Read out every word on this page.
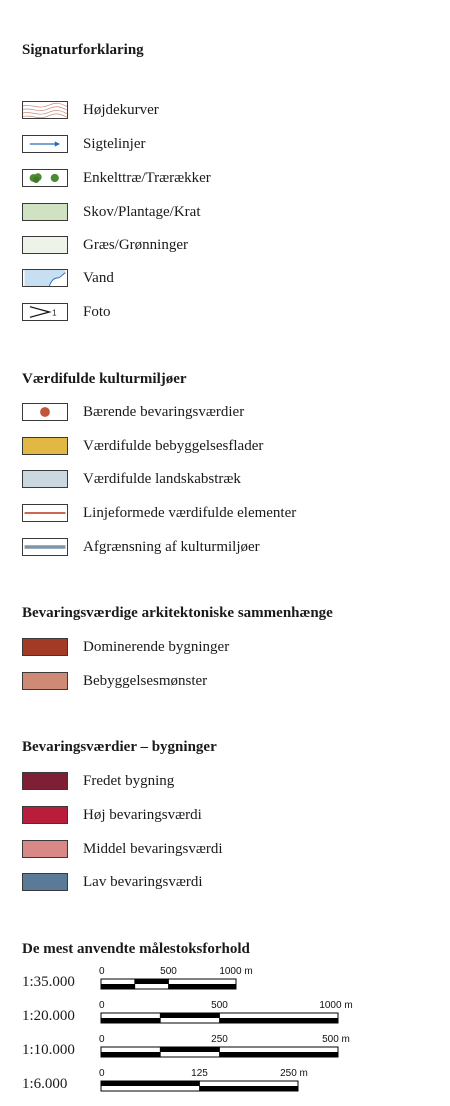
Signaturforklaring
Højdekurver
Sigtelinjer
Enkelttræ/Trærækker
Skov/Plantage/Krat
Græs/Grønninger
Vand
1 Foto
Værdifulde kulturmiljøer
Bærende bevaringsværdier
Værdifulde bebyggelsesflader
Værdifulde landskabstræk
Linjeformede værdifulde elementer
Afgrænsning af kulturmiljøer
Bevaringsværdige arkitektoniske sammenhænge
Dominerende bygninger
Bebyggelsesmønster
Bevaringsværdier – bygninger
Fredet bygning
Høj bevaringsværdi
Middel bevaringsværdi
Lav bevaringsværdi
De mest anvendte målestoksforhold
1:35.000
0	500	1000 m
1:20.000
0	500	1000 m
1:10.000
0	250	500 m
1:6.000
0	125	250 m
